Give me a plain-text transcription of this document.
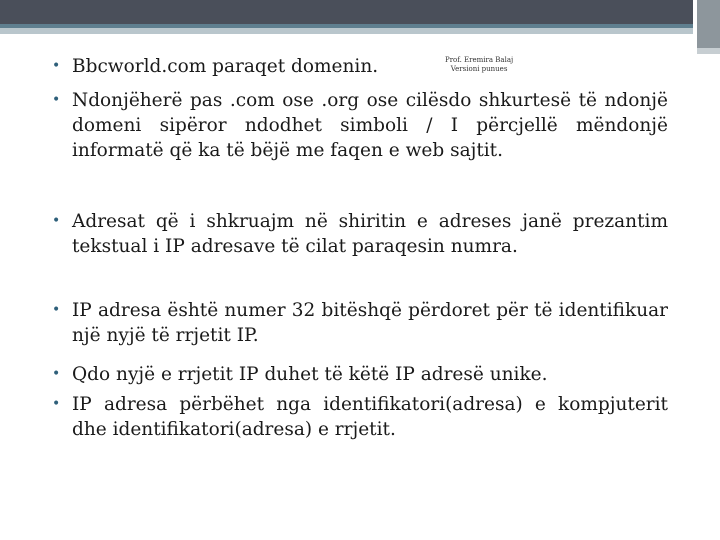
Prof. Eremira Balaj
Versioni punues
• Bbcworld.com paraqet domenin.
• Ndonjëherë pas .com ose .org ose cilësdo shkurtesë të ndonjë domeni sipëror ndodhet simboli / I përcjellë mëndonjë informatë që ka të bëjë me faqen e web sajtit.
• Adresat që i shkruajm në shiritin e adreses janë prezantim tekstual i IP adresave të cilat paraqesin numra.
• IP adresa është numer 32 bitëshqë përdoret për të identifikuar një nyjë të rrjetit IP.
• Qdo nyjë e rrjetit IP duhet të këtë IP adresë unike.
• IP adresa përbëhet nga identifikatori(adresa) e kompjuterit dhe identifikatori(adresa) e rrjetit.
